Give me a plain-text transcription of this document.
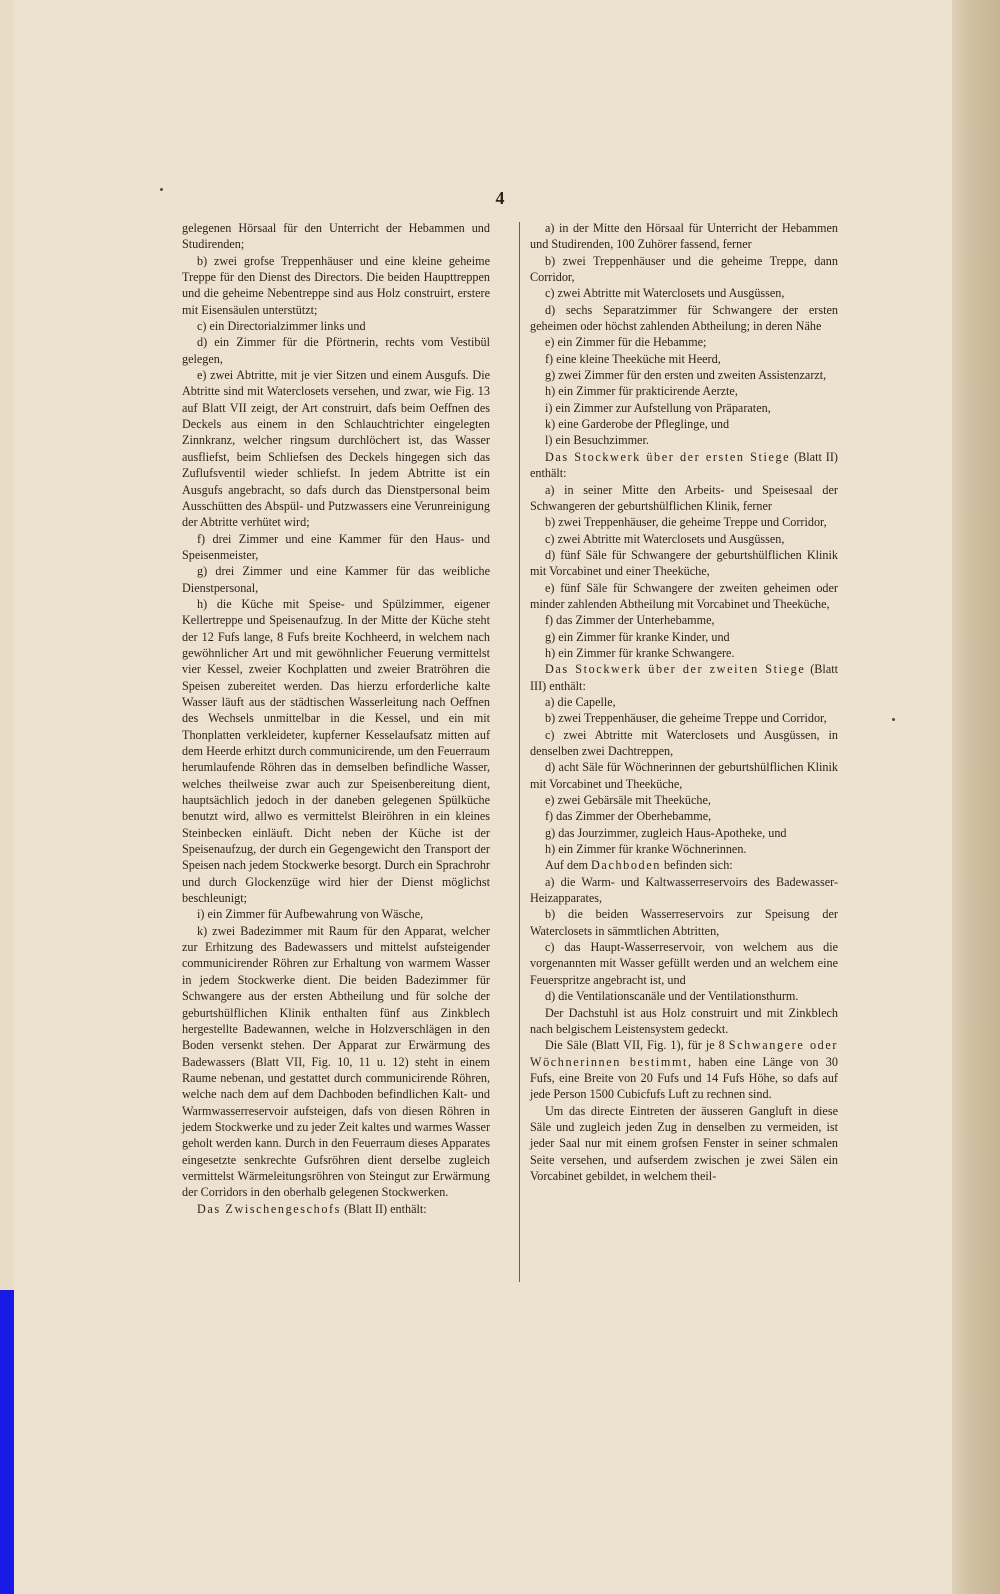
4

gelegenen Hörsaal für den Unterricht der Hebammen und Studirenden;

b) zwei grofse Treppenhäuser und eine kleine geheime Treppe für den Dienst des Directors. Die beiden Haupttreppen und die geheime Nebentreppe sind aus Holz construirt, erstere mit Eisensäulen unterstützt;

c) ein Directorialzimmer links und

d) ein Zimmer für die Pförtnerin, rechts vom Vestibül gelegen,

e) zwei Abtritte, mit je vier Sitzen und einem Ausgufs. Die Abtritte sind mit Waterclosets versehen, und zwar, wie Fig. 13 auf Blatt VII zeigt, der Art construirt, dafs beim Oeffnen des Deckels aus einem in den Schlauchtrichter eingelegten Zinnkranz, welcher ringsum durchlöchert ist, das Wasser ausfliefst, beim Schliefsen des Deckels hingegen sich das Zuflufsventil wieder schliefst. In jedem Abtritte ist ein Ausgufs angebracht, so dafs durch das Dienstpersonal beim Ausschütten des Abspül- und Putzwassers eine Verunreinigung der Abtritte verhütet wird;

f) drei Zimmer und eine Kammer für den Haus- und Speisenmeister,

g) drei Zimmer und eine Kammer für das weibliche Dienstpersonal,

h) die Küche mit Speise- und Spülzimmer, eigener Kellertreppe und Speisenaufzug. In der Mitte der Küche steht der 12 Fufs lange, 8 Fufs breite Kochheerd, in welchem nach gewöhnlicher Art und mit gewöhnlicher Feuerung vermittelst vier Kessel, zweier Kochplatten und zweier Bratröhren die Speisen zubereitet werden. Das hierzu erforderliche kalte Wasser läuft aus der städtischen Wasserleitung nach Oeffnen des Wechsels unmittelbar in die Kessel, und ein mit Thonplatten verkleideter, kupferner Kesselaufsatz mitten auf dem Heerde erhitzt durch communicirende, um den Feuerraum herumlaufende Röhren das in demselben befindliche Wasser, welches theilweise zwar auch zur Speisenbereitung dient, hauptsächlich jedoch in der daneben gelegenen Spülküche benutzt wird, allwo es vermittelst Bleiröhren in ein kleines Steinbecken einläuft. Dicht neben der Küche ist der Speisenaufzug, der durch ein Gegengewicht den Transport der Speisen nach jedem Stockwerke besorgt. Durch ein Sprachrohr und durch Glockenzüge wird hier der Dienst möglichst beschleunigt;

i) ein Zimmer für Aufbewahrung von Wäsche,

k) zwei Badezimmer mit Raum für den Apparat, welcher zur Erhitzung des Badewassers und mittelst aufsteigender communicirender Röhren zur Erhaltung von warmem Wasser in jedem Stockwerke dient. Die beiden Badezimmer für Schwangere aus der ersten Abtheilung und für solche der geburtshülflichen Klinik enthalten fünf aus Zinkblech hergestellte Badewannen, welche in Holzverschlägen in den Boden versenkt stehen. Der Apparat zur Erwärmung des Badewassers (Blatt VII, Fig. 10, 11 u. 12) steht in einem Raume nebenan, und gestattet durch communicirende Röhren, welche nach dem auf dem Dachboden befindlichen Kalt- und Warmwasserreservoir aufsteigen, dafs von diesen Röhren in jedem Stockwerke und zu jeder Zeit kaltes und warmes Wasser geholt werden kann. Durch in den Feuerraum dieses Apparates eingesetzte senkrechte Gufsröhren dient derselbe zugleich vermittelst Wärmeleitungsröhren von Steingut zur Erwärmung der Corridors in den oberhalb gelegenen Stockwerken.

Das Zwischengeschofs (Blatt II) enthält:

a) in der Mitte den Hörsaal für Unterricht der Hebammen und Studirenden, 100 Zuhörer fassend, ferner

b) zwei Treppenhäuser und die geheime Treppe, dann Corridor,

c) zwei Abtritte mit Waterclosets und Ausgüssen,

d) sechs Separatzimmer für Schwangere der ersten geheimen oder höchst zahlenden Abtheilung; in deren Nähe

e) ein Zimmer für die Hebamme;

f) eine kleine Theeküche mit Heerd,

g) zwei Zimmer für den ersten und zweiten Assistenzarzt,

h) ein Zimmer für prakticirende Aerzte,

i) ein Zimmer zur Aufstellung von Präparaten,

k) eine Garderobe der Pfleglinge, und

l) ein Besuchzimmer.

Das Stockwerk über der ersten Stiege (Blatt II) enthält:

a) in seiner Mitte den Arbeits- und Speisesaal der Schwangeren der geburtshülflichen Klinik, ferner

b) zwei Treppenhäuser, die geheime Treppe und Corridor,

c) zwei Abtritte mit Waterclosets und Ausgüssen,

d) fünf Säle für Schwangere der geburtshülflichen Klinik mit Vorcabinet und einer Theeküche,

e) fünf Säle für Schwangere der zweiten geheimen oder minder zahlenden Abtheilung mit Vorcabinet und Theeküche,

f) das Zimmer der Unterhebamme,

g) ein Zimmer für kranke Kinder, und

h) ein Zimmer für kranke Schwangere.

Das Stockwerk über der zweiten Stiege (Blatt III) enthält:

a) die Capelle,

b) zwei Treppenhäuser, die geheime Treppe und Corridor,

c) zwei Abtritte mit Waterclosets und Ausgüssen, in denselben zwei Dachtreppen,

d) acht Säle für Wöchnerinnen der geburtshülflichen Klinik mit Vorcabinet und Theeküche,

e) zwei Gebärsäle mit Theeküche,

f) das Zimmer der Oberhebamme,

g) das Jourzimmer, zugleich Haus-Apotheke, und

h) ein Zimmer für kranke Wöchnerinnen.

Auf dem Dachboden befinden sich:

a) die Warm- und Kaltwasserreservoirs des Badewasser-Heizapparates,

b) die beiden Wasserreservoirs zur Speisung der Waterclosets in sämmtlichen Abtritten,

c) das Haupt-Wasserreservoir, von welchem aus die vorgenannten mit Wasser gefüllt werden und an welchem eine Feuerspritze angebracht ist, und

d) die Ventilationscanäle und der Ventilationsthurm.

Der Dachstuhl ist aus Holz construirt und mit Zinkblech nach belgischem Leistensystem gedeckt.

Die Säle (Blatt VII, Fig. 1), für je 8 Schwangere oder Wöchnerinnen bestimmt, haben eine Länge von 30 Fufs, eine Breite von 20 Fufs und 14 Fufs Höhe, so dafs auf jede Person 1500 Cubicfufs Luft zu rechnen sind.

Um das directe Eintreten der äusseren Gangluft in diese Säle und zugleich jeden Zug in denselben zu vermeiden, ist jeder Saal nur mit einem grofsen Fenster in seiner schmalen Seite versehen, und aufserdem zwischen je zwei Sälen ein Vorcabinet gebildet, in welchem theil-
